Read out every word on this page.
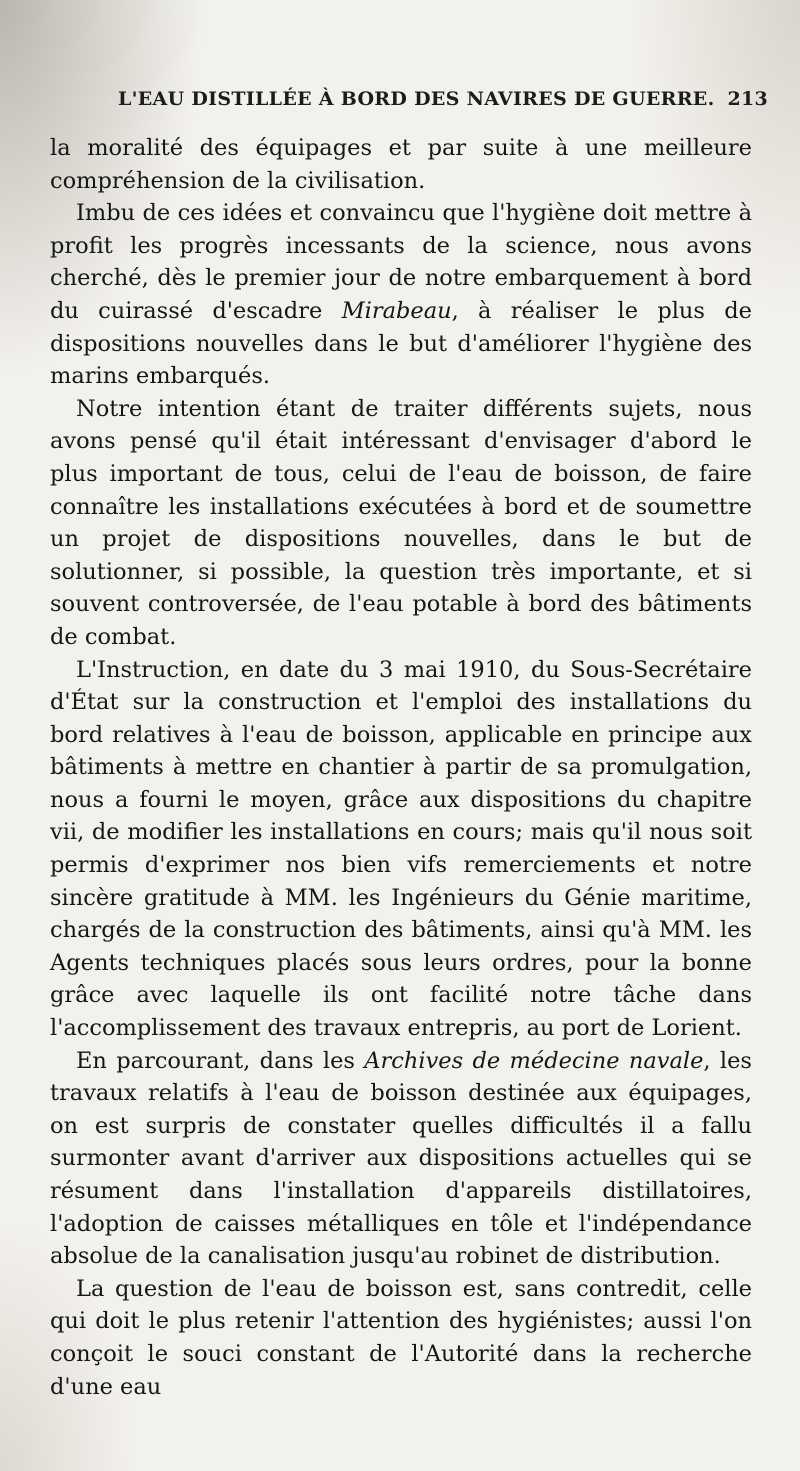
L'EAU DISTILLÉE À BORD DES NAVIRES DE GUERRE. 213

la moralité des équipages et par suite à une meilleure compréhension de la civilisation.

Imbu de ces idées et convaincu que l'hygiène doit mettre à profit les progrès incessants de la science, nous avons cherché, dès le premier jour de notre embarquement à bord du cuirassé d'escadre Mirabeau, à réaliser le plus de dispositions nouvelles dans le but d'améliorer l'hygiène des marins embarqués.

Notre intention étant de traiter différents sujets, nous avons pensé qu'il était intéressant d'envisager d'abord le plus important de tous, celui de l'eau de boisson, de faire connaître les installations exécutées à bord et de soumettre un projet de dispositions nouvelles, dans le but de solutionner, si possible, la question très importante, et si souvent controversée, de l'eau potable à bord des bâtiments de combat.

L'Instruction, en date du 3 mai 1910, du Sous-Secrétaire d'État sur la construction et l'emploi des installations du bord relatives à l'eau de boisson, applicable en principe aux bâtiments à mettre en chantier à partir de sa promulgation, nous a fourni le moyen, grâce aux dispositions du chapitre vii, de modifier les installations en cours; mais qu'il nous soit permis d'exprimer nos bien vifs remerciements et notre sincère gratitude à MM. les Ingénieurs du Génie maritime, chargés de la construction des bâtiments, ainsi qu'à MM. les Agents techniques placés sous leurs ordres, pour la bonne grâce avec laquelle ils ont facilité notre tâche dans l'accomplissement des travaux entrepris, au port de Lorient.

En parcourant, dans les Archives de médecine navale, les travaux relatifs à l'eau de boisson destinée aux équipages, on est surpris de constater quelles difficultés il a fallu surmonter avant d'arriver aux dispositions actuelles qui se résument dans l'installation d'appareils distillatoires, l'adoption de caisses métalliques en tôle et l'indépendance absolue de la canalisation jusqu'au robinet de distribution.

La question de l'eau de boisson est, sans contredit, celle qui doit le plus retenir l'attention des hygiénistes; aussi l'on conçoit le souci constant de l'Autorité dans la recherche d'une eau
